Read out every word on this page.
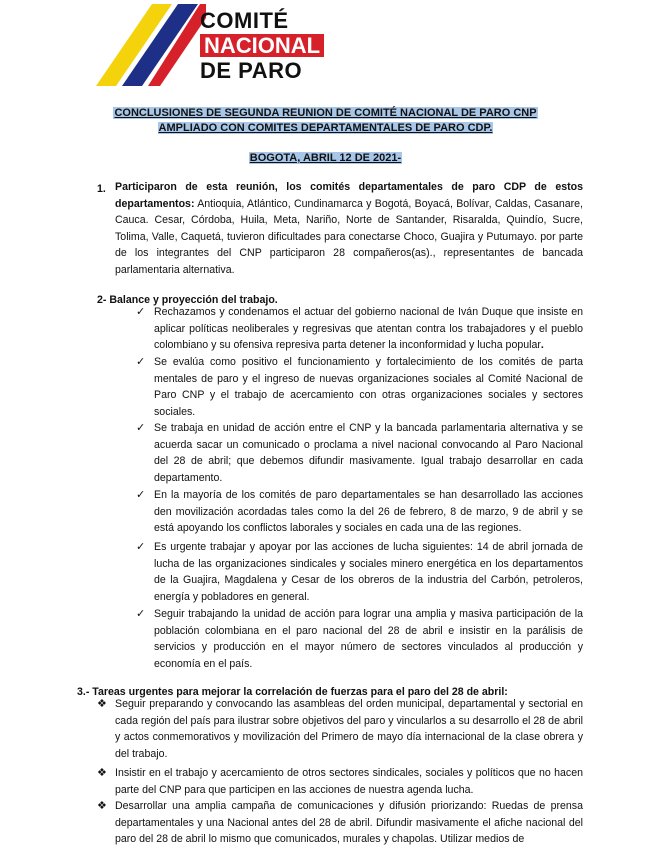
COMITÉ
NACIONAL
DE PARO
CONCLUSIONES DE SEGUNDA REUNION DE COMITÉ NACIONAL DE PARO CNP
AMPLIADO CON COMITES DEPARTAMENTALES DE PARO CDP.
BOGOTA, ABRIL 12 DE 2021-
1. Participaron de esta reunión, los comités departamentales de paro CDP de estos departamentos: Antioquia, Atlántico, Cundinamarca y Bogotá, Boyacá, Bolívar, Caldas, Casanare, Cauca. Cesar, Córdoba, Huila, Meta, Nariño, Norte de Santander, Risaralda, Quindío, Sucre, Tolima, Valle, Caquetá, tuvieron dificultades para conectarse Choco, Guajira y Putumayo. por parte de los integrantes del CNP participaron 28 compañeros(as)., representantes de bancada parlamentaria alternativa.

2- Balance y proyección del trabajo.
✓ Rechazamos y condenamos el actuar del gobierno nacional de Iván Duque que insiste en aplicar políticas neoliberales y regresivas que atentan contra los trabajadores y el pueblo colombiano y su ofensiva represiva parta detener la inconformidad y lucha popular.

✓ Se evalúa como positivo el funcionamiento y fortalecimiento de los comités de parta mentales de paro y el ingreso de nuevas organizaciones sociales al Comité Nacional de Paro CNP y el trabajo de acercamiento con otras organizaciones sociales y sectores sociales.

✓ Se trabaja en unidad de acción entre el CNP y la bancada parlamentaria alternativa y se acuerda sacar un comunicado o proclama a nivel nacional convocando al Paro Nacional del 28 de abril; que debemos difundir masivamente. Igual trabajo desarrollar en cada departamento.

✓ En la mayoría de los comités de paro departamentales se han desarrollado las acciones den movilización acordadas tales como la del 26 de febrero, 8 de marzo, 9 de abril y se está apoyando los conflictos laborales y sociales en cada una de las regiones.

✓ Es urgente trabajar y apoyar por las acciones de lucha siguientes: 14 de abril jornada de lucha de las organizaciones sindicales y sociales minero energética en los departamentos de la Guajira, Magdalena y Cesar de los obreros de la industria del Carbón, petroleros, energía y pobladores en general.

✓ Seguir trabajando la unidad de acción para lograr una amplia y masiva participación de la población colombiana en el paro nacional del 28 de abril e insistir en la parálisis de servicios y producción en el mayor número de sectores vinculados al producción y economía en el país.

3.- Tareas urgentes para mejorar la correlación de fuerzas para el paro del 28 de abril:
❖ Seguir preparando y convocando las asambleas del orden municipal, departamental y sectorial en cada región del país para ilustrar sobre objetivos del paro y vincularlos a su desarrollo el 28 de abril y actos conmemorativos y movilización del Primero de mayo día internacional de la clase obrera y del trabajo.

❖ Insistir en el trabajo y acercamiento de otros sectores sindicales, sociales y políticos que no hacen parte del CNP para que participen en las acciones de nuestra agenda lucha.

❖ Desarrollar una amplia campaña de comunicaciones y difusión priorizando: Ruedas de prensa departamentales y una Nacional antes del 28 de abril. Difundir masivamente el afiche nacional del paro del 28 de abril lo mismo que comunicados, murales y chapolas. Utilizar medios de
